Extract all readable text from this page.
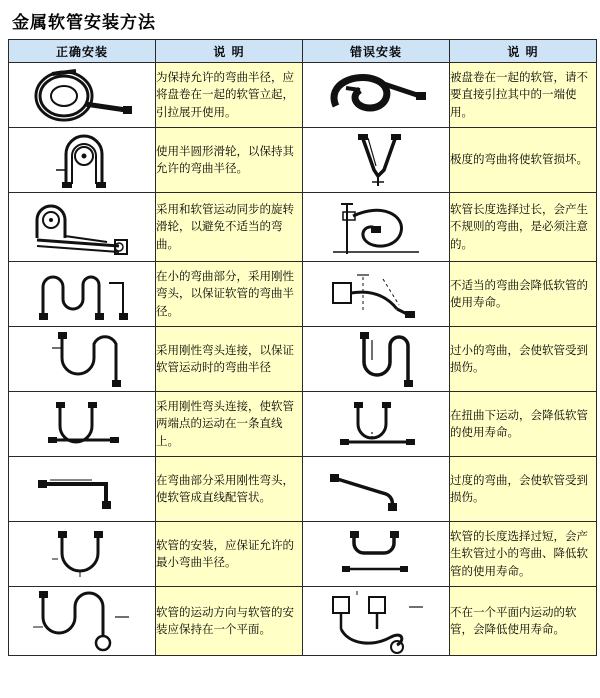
金属软管安装方法
正确安装	说 明	错误安装	说 明

	为保持允许的弯曲半径，应将盘卷在一起的软管立起，引拉展开使用。		被盘卷在一起的软管，请不要直接引拉其中的一端使用。

	使用半圆形滑轮，以保持其允许的弯曲半径。		极度的弯曲将使软管损坏。

	采用和软管运动同步的旋转滑轮，以避免不适当的弯曲。		软管长度选择过长，会产生不规则的弯曲，是必须注意的。

	在小的弯曲部分，采用刚性弯头，以保证软管的弯曲半径。		不适当的弯曲会降低软管的使用寿命。

	采用刚性弯头连接，以保证软管运动时的弯曲半径		过小的弯曲，会使软管受到损伤。

	采用刚性弯头连接，使软管两端点的运动在一条直线上。		在扭曲下运动，会降低软管的使用寿命。

	在弯曲部分采用刚性弯头，使软管成直线配管状。		过度的弯曲，会使软管受到损伤。

	软管的安装，应保证允许的最小弯曲半径。		软管的长度选择过短，会产生软管过小的弯曲、降低软管的使用寿命。

	软管的运动方向与软管的安装应保持在一个平面。		不在一个平面内运动的软管，会降低使用寿命。
